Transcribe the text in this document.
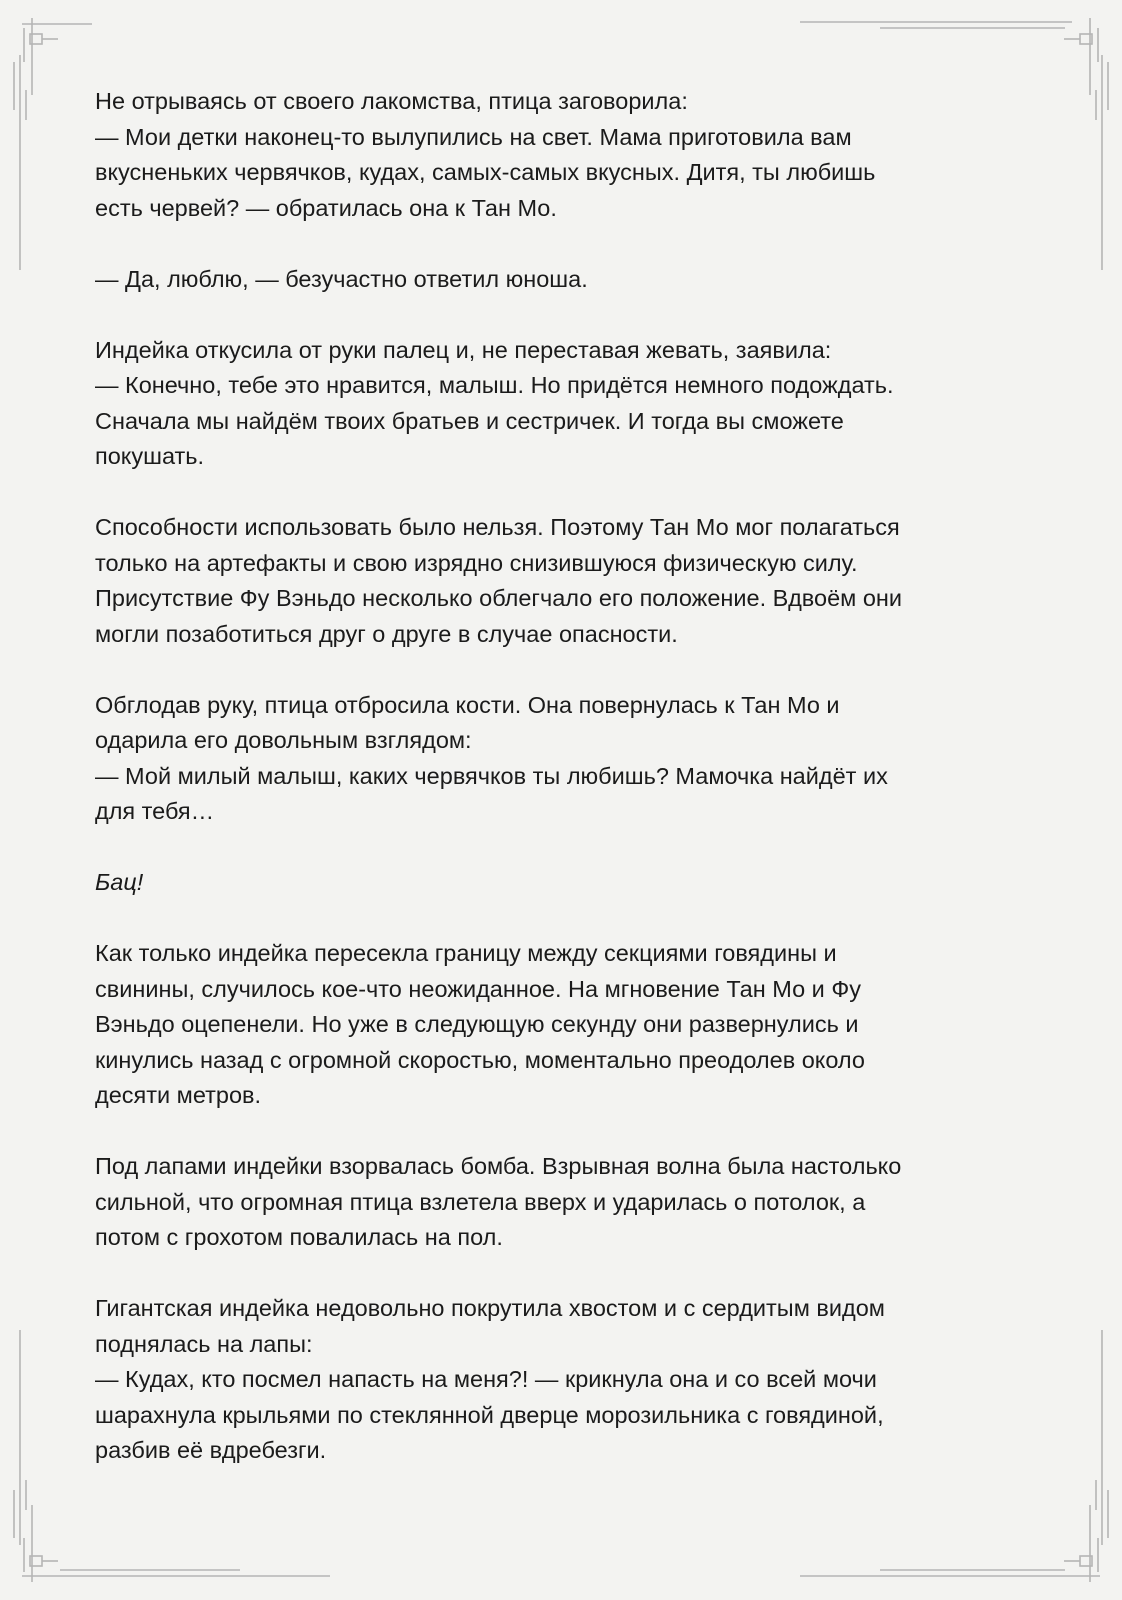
Не отрываясь от своего лакомства, птица заговорила:
— Мои детки наконец-то вылупились на свет. Мама приготовила вам
вкусненьких червячков, кудах, самых-самых вкусных. Дитя, ты любишь
есть червей? — обратилась она к Тан Мо.

— Да, люблю, — безучастно ответил юноша.

Индейка откусила от руки палец и, не переставая жевать, заявила:
— Конечно, тебе это нравится, малыш. Но придётся немного подождать.
Сначала мы найдём твоих братьев и сестричек. И тогда вы сможете
покушать.

Способности использовать было нельзя. Поэтому Тан Мо мог полагаться
только на артефакты и свою изрядно снизившуюся физическую силу.
Присутствие Фу Вэньдо несколько облегчало его положение. Вдвоём они
могли позаботиться друг о друге в случае опасности.

Обглодав руку, птица отбросила кости. Она повернулась к Тан Мо и
одарила его довольным взглядом:
— Мой милый малыш, каких червячков ты любишь? Мамочка найдёт их
для тебя…

Бац!

Как только индейка пересекла границу между секциями говядины и
свинины, случилось кое-что неожиданное. На мгновение Тан Мо и Фу
Вэньдо оцепенели. Но уже в следующую секунду они развернулись и
кинулись назад с огромной скоростью, моментально преодолев около
десяти метров.

Под лапами индейки взорвалась бомба. Взрывная волна была настолько
сильной, что огромная птица взлетела вверх и ударилась о потолок, а
потом с грохотом повалилась на пол.

Гигантская индейка недовольно покрутила хвостом и с сердитым видом
поднялась на лапы:
— Кудах, кто посмел напасть на меня?! — крикнула она и со всей мочи
шарахнула крыльями по стеклянной дверце морозильника с говядиной,
разбив её вдребезги.
